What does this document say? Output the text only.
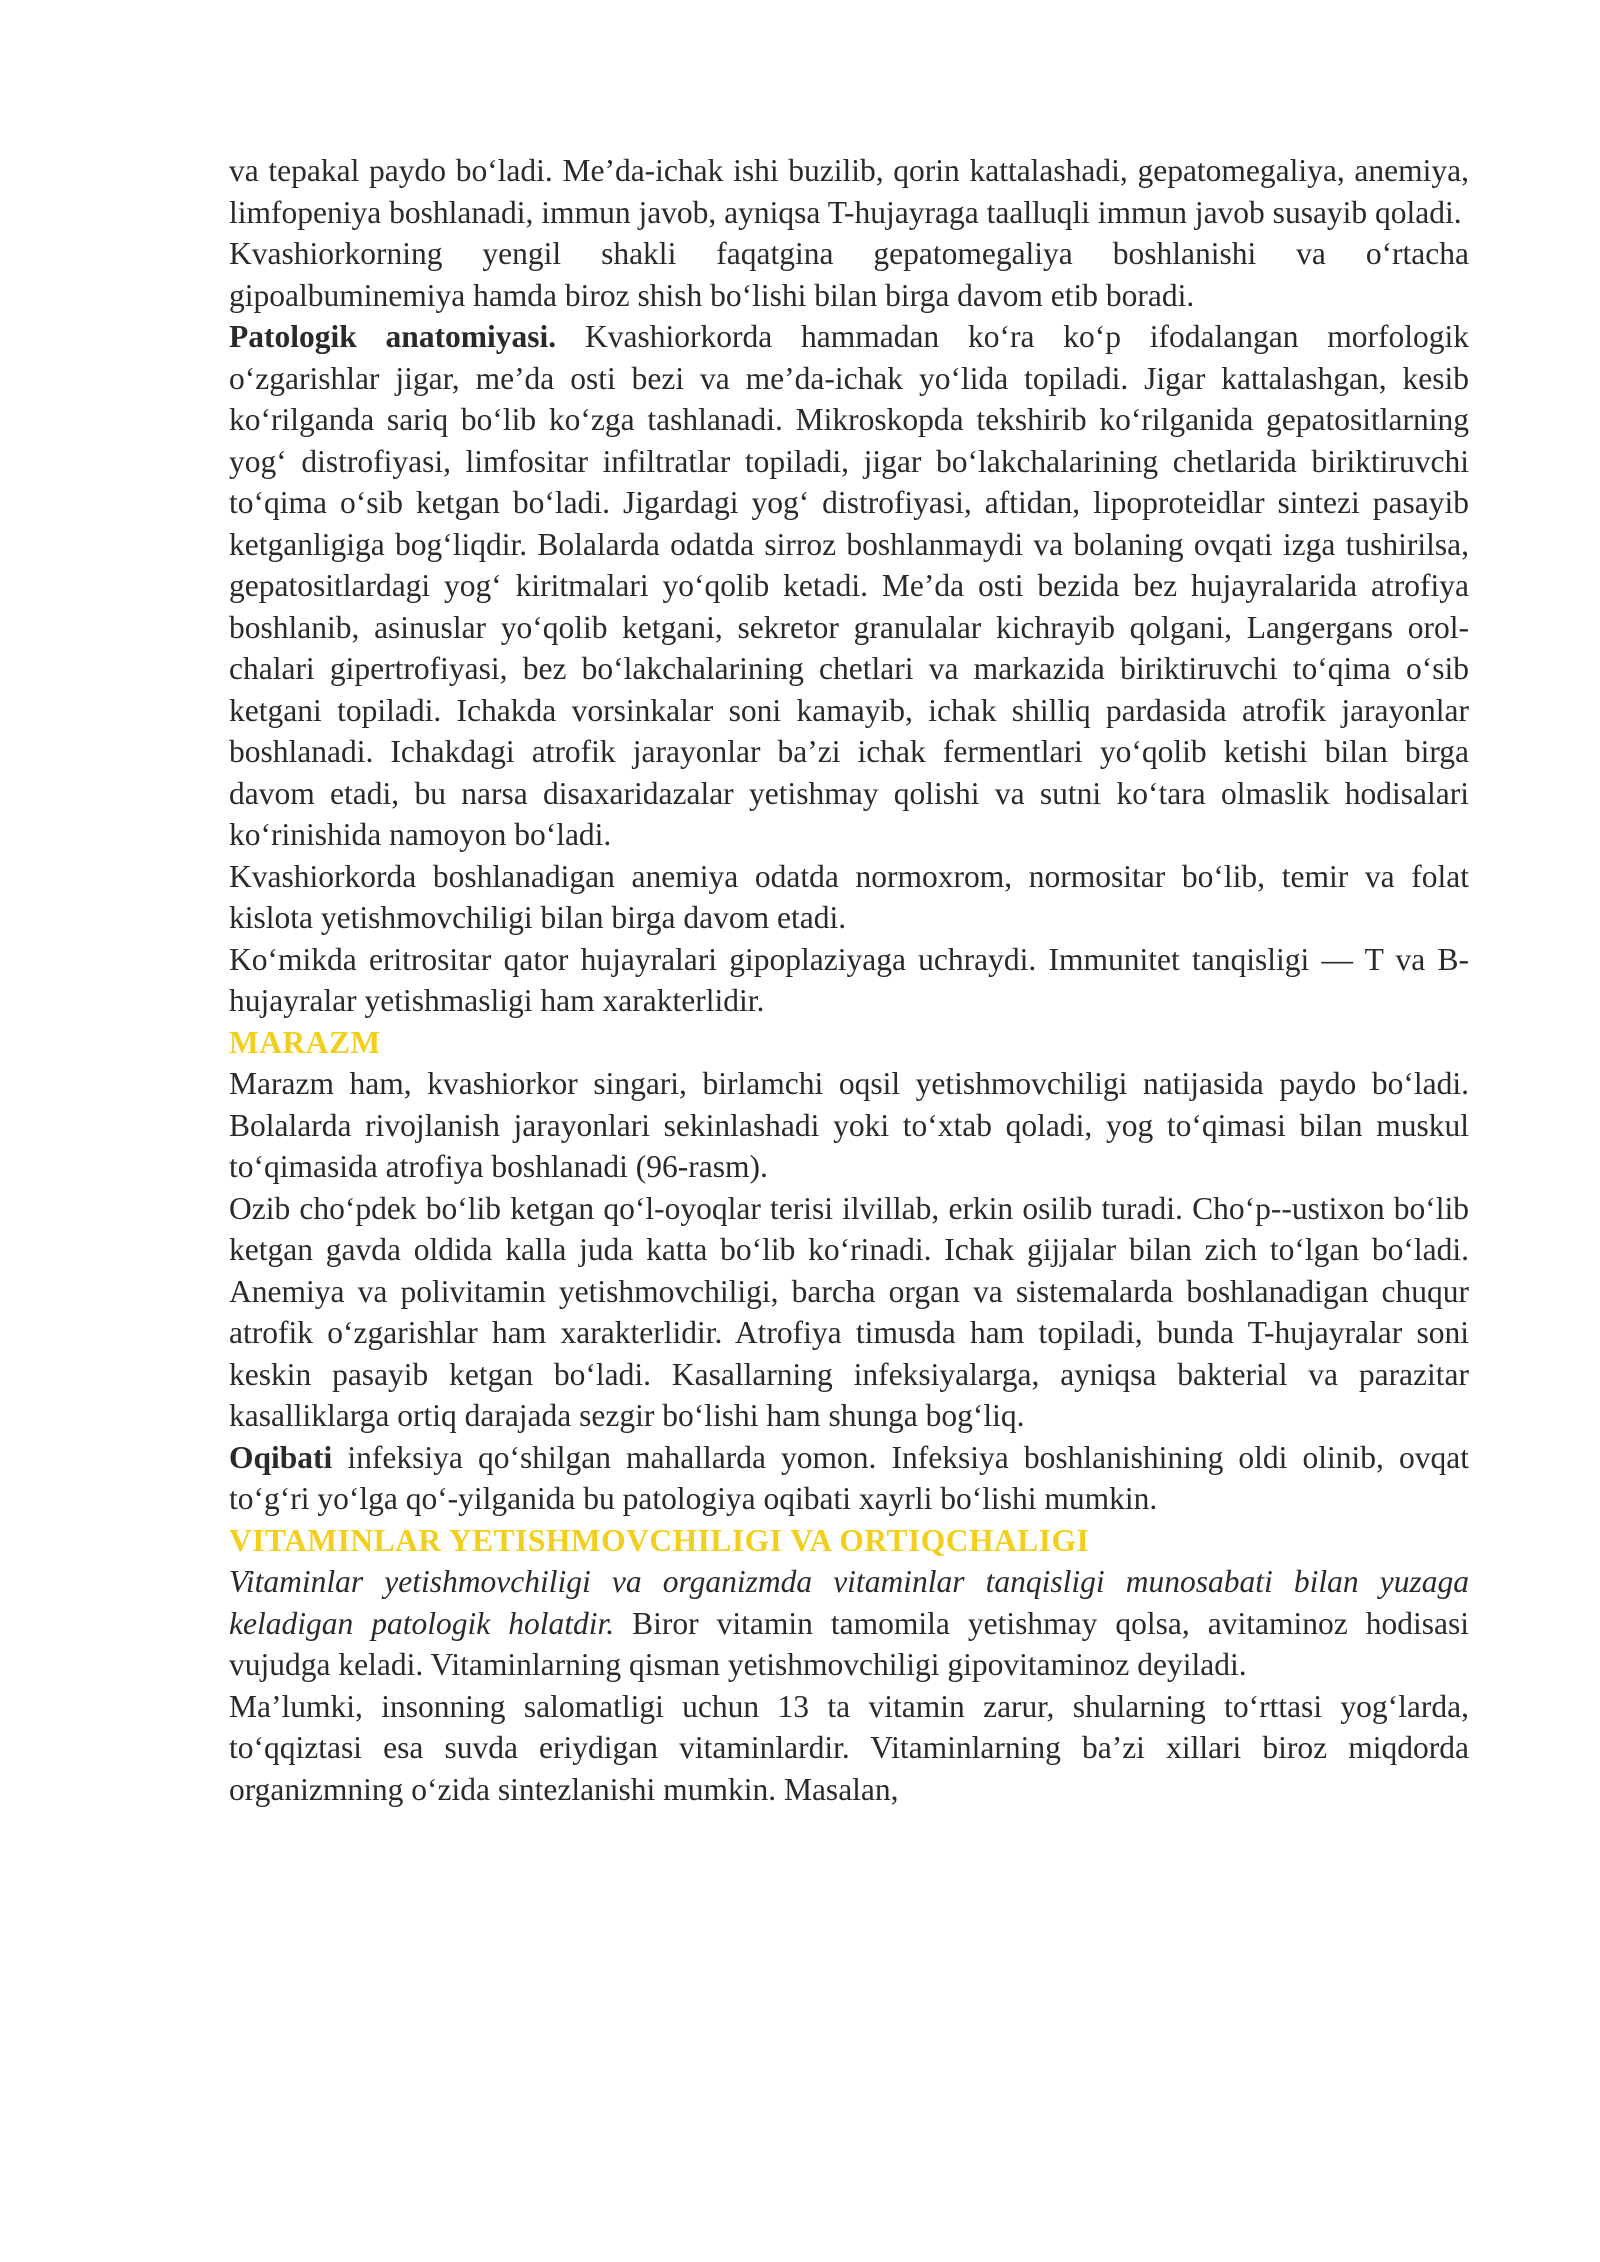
va tepakal paydo boʻladi. Me’da-ichak ishi buzilib, qorin kattalashadi, gepatomegaliya, anemiya, limfopeniya boshlanadi, immun javob, ayniqsa T-hujayraga taalluqli immun javob susayib qoladi.

Kvashiorkorning yengil shakli faqatgina gepatomegaliya boshlanishi va oʻrtacha gipoalbuminemiya hamda biroz shish boʻlishi bilan birga davom etib boradi.

Patologik anatomiyasi. Kvashiorkorda hammadan koʻra koʻp ifodalangan morfologik oʻzgarishlar jigar, me’da osti bezi va me’da-ichak yoʻlida topiladi. Jigar kattalashgan, kesib koʻrilganda sariq boʻlib koʻzga tashlanadi. Mikroskopda tekshirib koʻrilganida gepatositlarning yogʻ distrofiyasi, limfositar infiltratlar topiladi, jigar boʻlakchalarining chetlarida biriktiruvchi toʻqima oʻsib ketgan boʻladi. Jigardagi yogʻ distrofiyasi, aftidan, lipoproteidlar sintezi pasayib ketganligiga bogʻliqdir. Bolalarda odatda sirroz boshlanmaydi va bolaning ovqati izga tushirilsa, gepatositlardagi yogʻ kiritmalari yoʻqolib ketadi. Me’da osti bezida bez hujayralarida atrofiya boshlanib, asinuslar yoʻqolib ketgani, sekretor granulalar kichrayib qolgani, Langergans orol-chalari gipertrofiyasi, bez boʻlakchalarining chetlari va markazida biriktiruvchi toʻqima oʻsib ketgani topiladi. Ichakda vorsinkalar soni kamayib, ichak shilliq pardasida atrofik jarayonlar boshlanadi. Ichakdagi atrofik jarayonlar ba’zi ichak fermentlari yoʻqolib ketishi bilan birga davom etadi, bu narsa disaxaridazalar yetishmay qolishi va sutni koʻtara olmaslik hodisalari koʻrinishida namoyon boʻladi.

Kvashiorkorda boshlanadigan anemiya odatda normoxrom, normositar boʻlib, temir va folat kislota yetishmovchiligi bilan birga davom etadi.

Koʻmikda eritrositar qator hujayralari gipoplaziyaga uchraydi. Immunitet tanqisligi — T va B-hujayralar yetishmasligi ham xarakterlidir.

MARAZM

Marazm ham, kvashiorkor singari, birlamchi oqsil yetishmovchiligi natijasida paydo boʻladi. Bolalarda rivojlanish jarayonlari sekinlashadi yoki toʻxtab qoladi, yog toʻqimasi bilan muskul toʻqimasida atrofiya boshlanadi (96-rasm).

Ozib choʻpdek boʻlib ketgan qoʻl-oyoqlar terisi ilvillab, erkin osilib turadi. Choʻp--ustixon boʻlib ketgan gavda oldida kalla juda katta boʻlib koʻrinadi. Ichak gijjalar bilan zich toʻlgan boʻladi. Anemiya va polivitamin yetishmovchiligi, barcha organ va sistemalarda boshlanadigan chuqur atrofik oʻzgarishlar ham xarakterlidir. Atrofiya timusda ham topiladi, bunda T-hujayralar soni keskin pasayib ketgan boʻladi. Kasallarning infeksiyalarga, ayniqsa bakterial va parazitar kasalliklarga ortiq darajada sezgir boʻlishi ham shunga bogʻliq.

Oqibati infeksiya qoʻshilgan mahallarda yomon. Infeksiya boshlanishining oldi olinib, ovqat toʻgʻri yoʻlga qoʻ-yilganida bu patologiya oqibati xayrli boʻlishi mumkin.

VITAMINLAR YETISHMOVCHILIGI VA ORTIQCHALIGI

Vitaminlar yetishmovchiligi va organizmda vitaminlar tanqisligi munosabati bilan yuzaga keladigan patologik holatdir. Biror vitamin tamomila yetishmay qolsa, avitaminoz hodisasi vujudga keladi. Vitaminlarning qisman yetishmovchiligi gipovitaminoz deyiladi.

Ma’lumki, insonning salomatligi uchun 13 ta vitamin zarur, shularning toʻrttasi yogʻlarda, toʻqqiztasi esa suvda eriydigan vitaminlardir. Vitaminlarning ba’zi xillari biroz miqdorda organizmning oʻzida sintezlanishi mumkin. Masalan,
